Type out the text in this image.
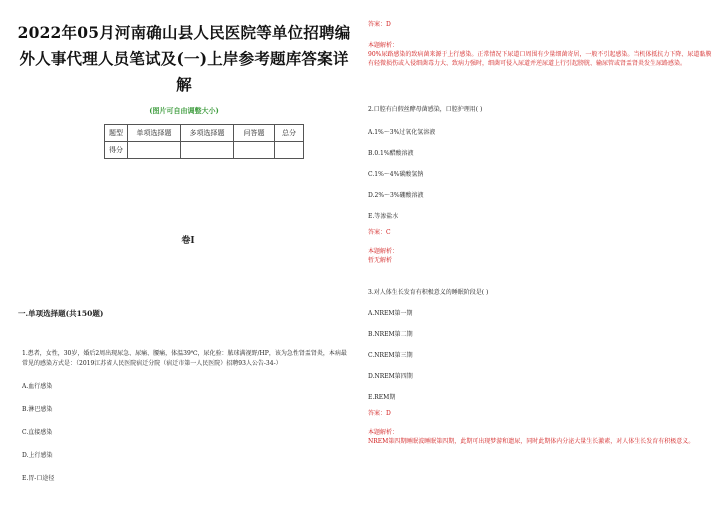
2022年05月河南确山县人民医院等单位招聘编
外人事代理人员笔试及(一)上岸参考题库答案详
解

(图片可自由调整大小)
题型	单项选择题	多项选择题	问答题	总分
得分				
卷I
一.单项选择题(共150题)
1.患者，女性，30岁，婚后2周出现尿急、尿痛、腰痛，体温39℃，尿化验：脓球满视野/HP，该为急性肾盂肾炎，本病最常见的感染方式是：（2019江苏省人民医院宿迁分院（宿迁市第一人民医院）招聘93人公告-34-）
A.血行感染
B.淋巴感染
C.直接感染
D.上行感染
E.胃-口途径
答案：D
本题解析：
90%尿路感染的致病菌来源于上行感染。正常情况下尿道口周围有少量细菌寄居，一般不引起感染。当机体抵抗力下降、尿道黏膜有轻微损伤或入侵细菌毒力大、致病力强时，细菌可侵入尿道并逆尿道上行引起膀胱、输尿管或肾盂肾炎发生尿路感染。
2.口腔有白假丝酵母菌感染，口腔护理用( )
A.1%～3%过氧化氢溶液
B.0.1%醋酸溶液
C.1%～4%碳酸氢钠
D.2%～3%硼酸溶液
E.等渗盐水
答案：C
本题解析：
暂无解析
3.对人体生长发育有积极意义的睡眠阶段是( )
A.NREM第一期
B.NREM第二期
C.NREM第三期
D.NREM第四期
E.REM期
答案：D
本题解析：
NREM第四期睡眠波睡眠第四期，此期可出现梦游和遗尿，同时此期体内分泌大量生长激素，对人体生长发育有积极意义。
